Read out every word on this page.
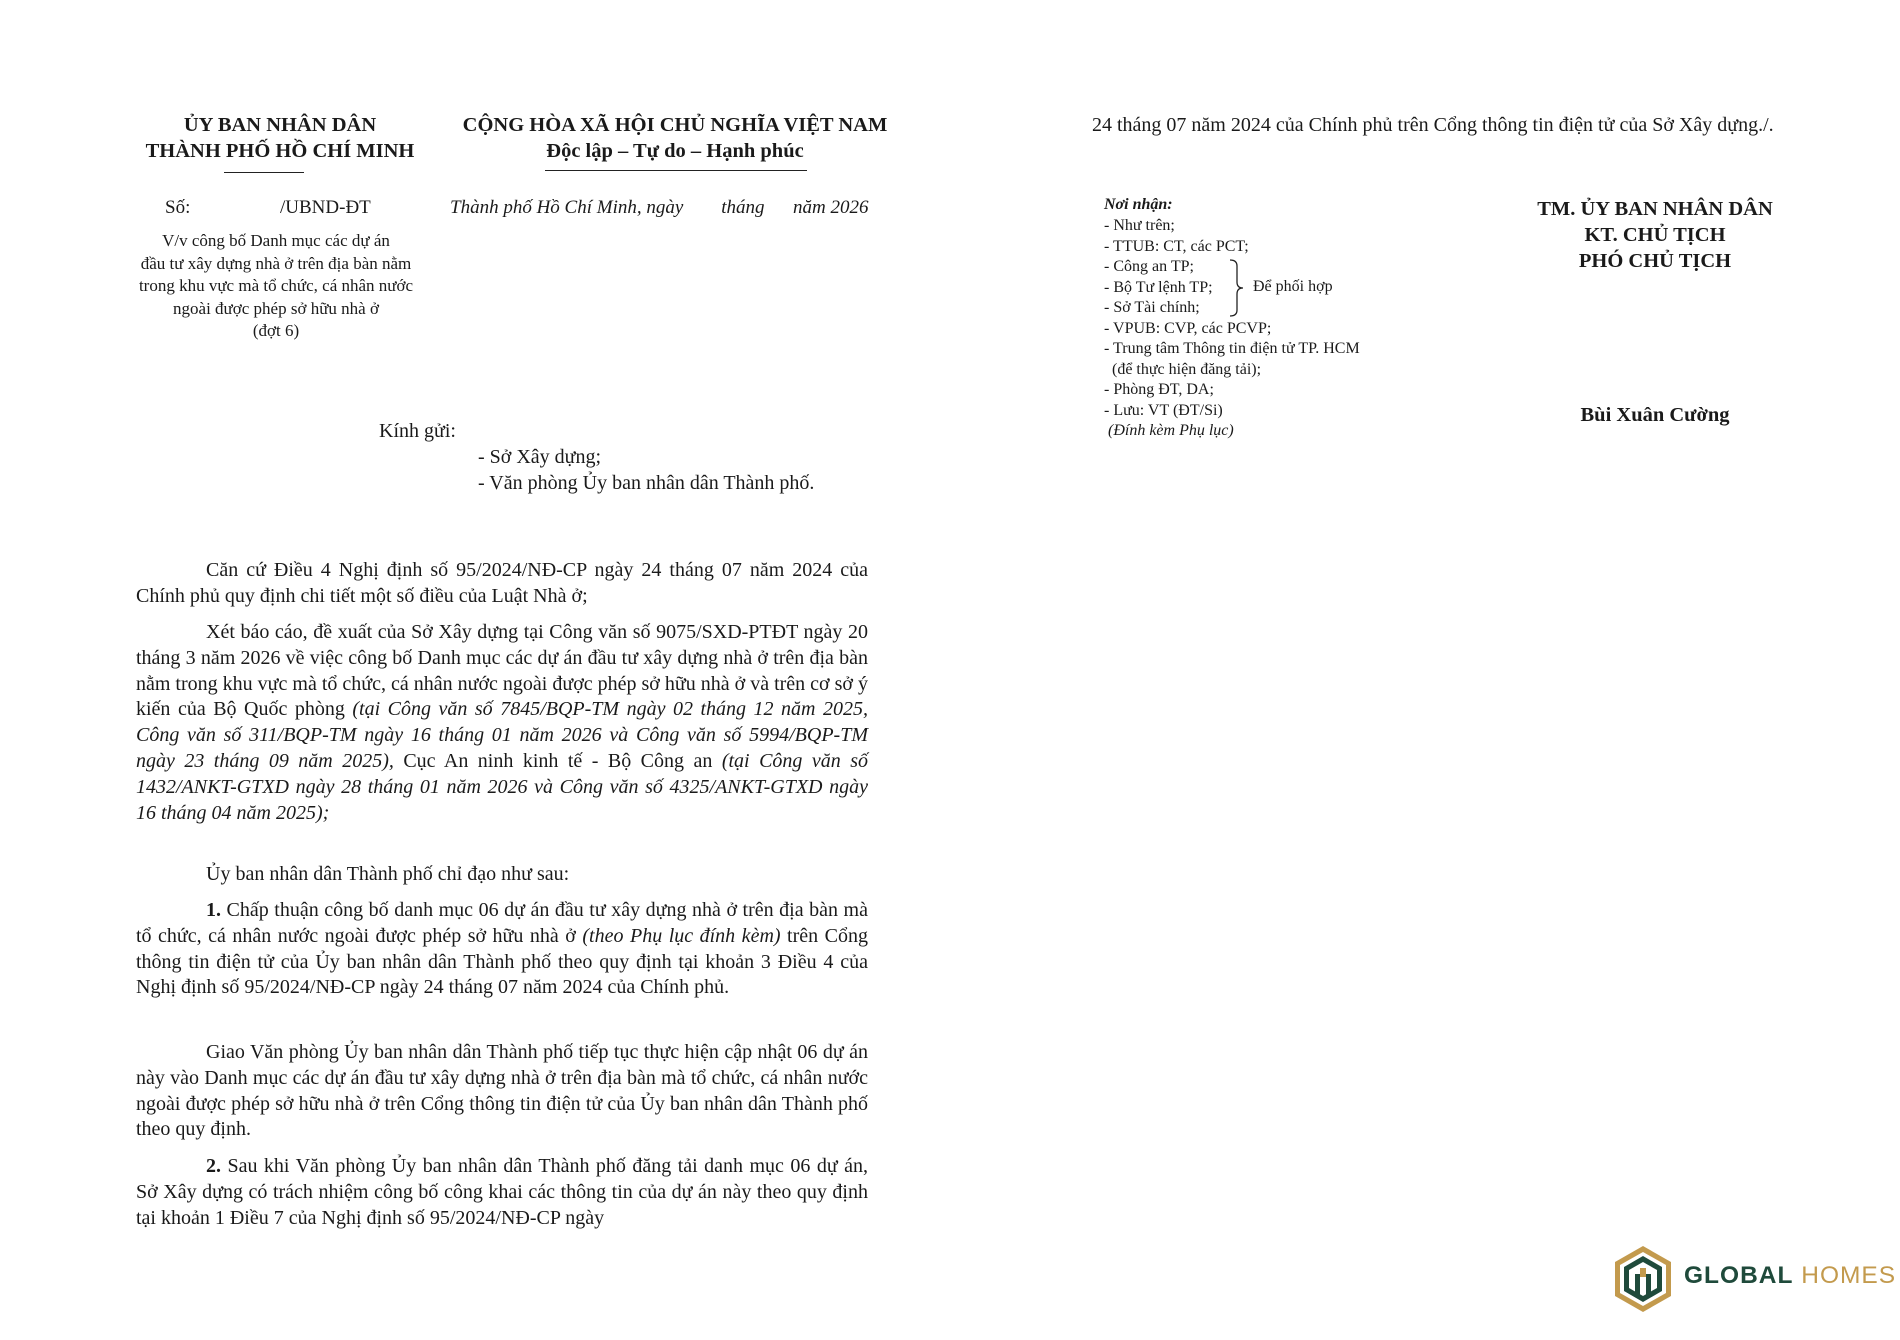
ỦY BAN NHÂN DÂN
THÀNH PHỐ HỒ CHÍ MINH
CỘNG HÒA XÃ HỘI CHỦ NGHĨA VIỆT NAM
Độc lập – Tự do – Hạnh phúc
Số:	/UBND-ĐT	Thành phố Hồ Chí Minh, ngày        tháng      năm 2026
V/v công bố Danh mục các dự án
đầu tư xây dựng nhà ở trên địa bàn nằm
trong khu vực mà tổ chức, cá nhân nước
ngoài được phép sở hữu nhà ở
(đợt 6)
Kính gửi:
- Sở Xây dựng;
- Văn phòng Ủy ban nhân dân Thành phố.
Căn cứ Điều 4 Nghị định số 95/2024/NĐ-CP ngày 24 tháng 07 năm 2024 của Chính phủ quy định chi tiết một số điều của Luật Nhà ở;
Xét báo cáo, đề xuất của Sở Xây dựng tại Công văn số 9075/SXD-PTĐT ngày 20 tháng 3 năm 2026 về việc công bố Danh mục các dự án đầu tư xây dựng nhà ở trên địa bàn nằm trong khu vực mà tổ chức, cá nhân nước ngoài được phép sở hữu nhà ở và trên cơ sở ý kiến của Bộ Quốc phòng (tại Công văn số 7845/BQP-TM ngày 02 tháng 12 năm 2025, Công văn số 311/BQP-TM ngày 16 tháng 01 năm 2026 và Công văn số 5994/BQP-TM ngày 23 tháng 09 năm 2025), Cục An ninh kinh tế - Bộ Công an (tại Công văn số 1432/ANKT-GTXD ngày 28 tháng 01 năm 2026 và Công văn số 4325/ANKT-GTXD ngày 16 tháng 04 năm 2025);
Ủy ban nhân dân Thành phố chỉ đạo như sau:
1. Chấp thuận công bố danh mục 06 dự án đầu tư xây dựng nhà ở trên địa bàn mà tổ chức, cá nhân nước ngoài được phép sở hữu nhà ở (theo Phụ lục đính kèm) trên Cổng thông tin điện tử của Ủy ban nhân dân Thành phố theo quy định tại khoản 3 Điều 4 của Nghị định số 95/2024/NĐ-CP ngày 24 tháng 07 năm 2024 của Chính phủ.
Giao Văn phòng Ủy ban nhân dân Thành phố tiếp tục thực hiện cập nhật 06 dự án này vào Danh mục các dự án đầu tư xây dựng nhà ở trên địa bàn mà tổ chức, cá nhân nước ngoài được phép sở hữu nhà ở trên Cổng thông tin điện tử của Ủy ban nhân dân Thành phố theo quy định.
2. Sau khi Văn phòng Ủy ban nhân dân Thành phố đăng tải danh mục 06 dự án, Sở Xây dựng có trách nhiệm công bố công khai các thông tin của dự án này theo quy định tại khoản 1 Điều 7 của Nghị định số 95/2024/NĐ-CP ngày
24 tháng 07 năm 2024 của Chính phủ trên Cổng thông tin điện tử của Sở Xây dựng./.
Nơi nhận:
- Như trên;
- TTUB: CT, các PCT;
- Công an TP;
- Bộ Tư lệnh TP;
- Sở Tài chính;
- VPUB: CVP, các PCVP;
- Trung tâm Thông tin điện tử TP. HCM
(để thực hiện đăng tải);
- Phòng ĐT, DA;
- Lưu: VT (ĐT/Si)
(Đính kèm Phụ lục)
Để phối hợp
TM. ỦY BAN NHÂN DÂN
KT. CHỦ TỊCH
PHÓ CHỦ TỊCH
Bùi Xuân Cường
GLOBAL HOMES
